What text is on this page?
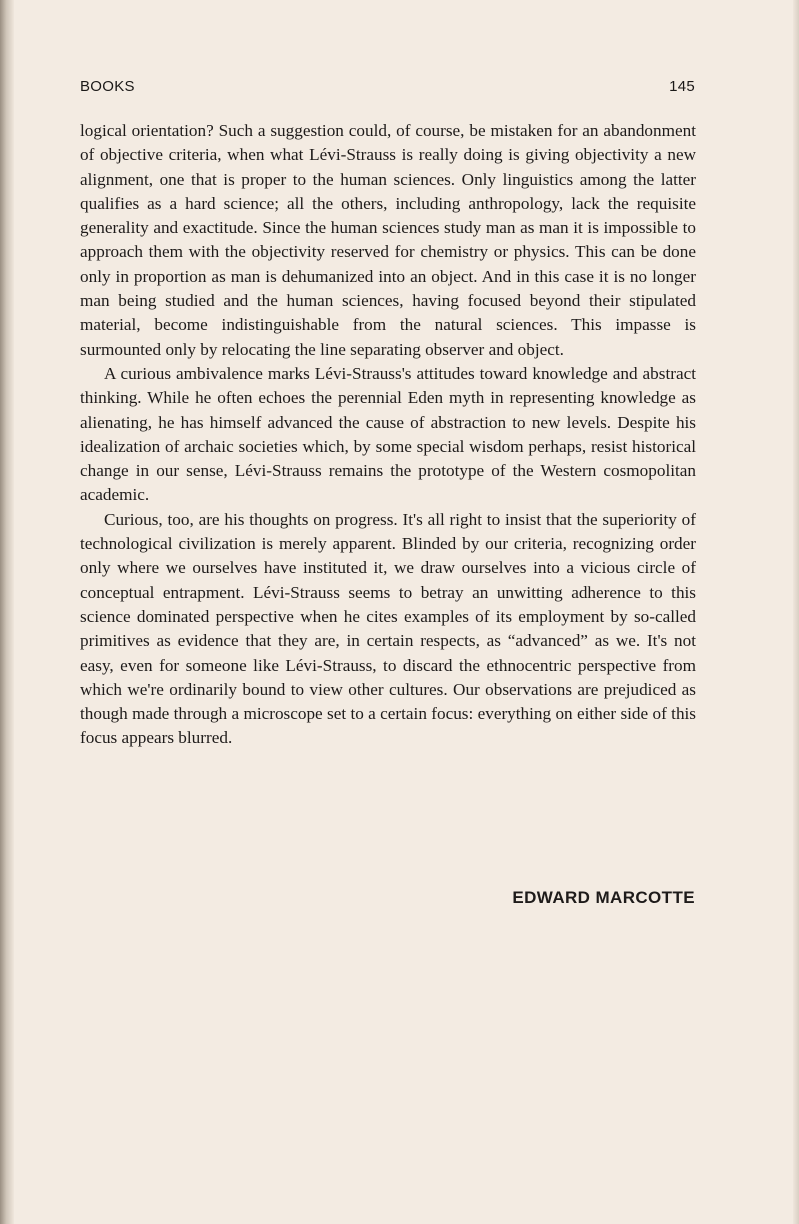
BOOKS	145

logical orientation? Such a suggestion could, of course, be mistaken for an abandonment of objective criteria, when what Lévi-Strauss is really doing is giving objectivity a new alignment, one that is proper to the human sciences. Only linguistics among the latter qualifies as a hard science; all the others, including anthropology, lack the requisite generality and exactitude. Since the human sciences study man as man it is impossible to approach them with the objectivity reserved for chemistry or physics. This can be done only in proportion as man is dehumanized into an object. And in this case it is no longer man being studied and the human sciences, having focused beyond their stipulated material, become indistinguishable from the natural sciences. This impasse is surmounted only by relocating the line separating observer and object.

A curious ambivalence marks Lévi-Strauss's attitudes toward knowledge and abstract thinking. While he often echoes the perennial Eden myth in representing knowledge as alienating, he has himself advanced the cause of abstraction to new levels. Despite his idealization of archaic societies which, by some special wisdom perhaps, resist historical change in our sense, Lévi-Strauss remains the prototype of the Western cosmopolitan academic.

Curious, too, are his thoughts on progress. It's all right to insist that the superiority of technological civilization is merely apparent. Blinded by our criteria, recognizing order only where we ourselves have instituted it, we draw ourselves into a vicious circle of conceptual entrapment. Lévi-Strauss seems to betray an unwitting adherence to this science dominated perspective when he cites examples of its employment by so-called primitives as evidence that they are, in certain respects, as “advanced” as we. It's not easy, even for someone like Lévi-Strauss, to discard the ethnocentric perspective from which we're ordinarily bound to view other cultures. Our observations are prejudiced as though made through a microscope set to a certain focus: everything on either side of this focus appears blurred.

EDWARD MARCOTTE
